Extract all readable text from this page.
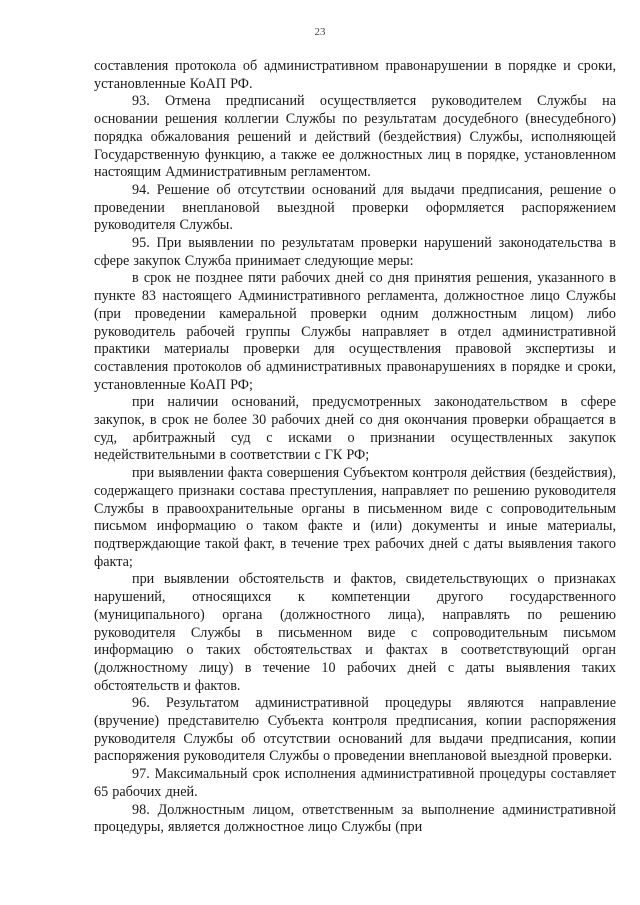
23

составления протокола об административном правонарушении в порядке и сроки, установленные КоАП РФ.

93. Отмена предписаний осуществляется руководителем Службы на основании решения коллегии Службы по результатам досудебного (внесудебного) порядка обжалования решений и действий (бездействия) Службы, исполняющей Государственную функцию, а также ее должностных лиц в порядке, установленном настоящим Административным регламентом.

94. Решение об отсутствии оснований для выдачи предписания, решение о проведении внеплановой выездной проверки оформляется распоряжением руководителя Службы.

95. При выявлении по результатам проверки нарушений законодательства в сфере закупок Служба принимает следующие меры:

в срок не позднее пяти рабочих дней со дня принятия решения, указанного в пункте 83 настоящего Административного регламента, должностное лицо Службы (при проведении камеральной проверки одним должностным лицом) либо руководитель рабочей группы Службы направляет в отдел административной практики материалы проверки для осуществления правовой экспертизы и составления протоколов об административных правонарушениях в порядке и сроки, установленные КоАП РФ;

при наличии оснований, предусмотренных законодательством в сфере закупок, в срок не более 30 рабочих дней со дня окончания проверки обращается в суд, арбитражный суд с исками о признании осуществленных закупок недействительными в соответствии с ГК РФ;

при выявлении факта совершения Субъектом контроля действия (бездействия), содержащего признаки состава преступления, направляет по решению руководителя Службы в правоохранительные органы в письменном виде с сопроводительным письмом информацию о таком факте и (или) документы и иные материалы, подтверждающие такой факт, в течение трех рабочих дней с даты выявления такого факта;

при выявлении обстоятельств и фактов, свидетельствующих о признаках нарушений, относящихся к компетенции другого государственного (муниципального) органа (должностного лица), направлять по решению руководителя Службы в письменном виде с сопроводительным письмом информацию о таких обстоятельствах и фактах в соответствующий орган (должностному лицу) в течение 10 рабочих дней с даты выявления таких обстоятельств и фактов.

96. Результатом административной процедуры являются направление (вручение) представителю Субъекта контроля предписания, копии распоряжения руководителя Службы об отсутствии оснований для выдачи предписания, копии распоряжения руководителя Службы о проведении внеплановой выездной проверки.

97. Максимальный срок исполнения административной процедуры составляет 65 рабочих дней.

98. Должностным лицом, ответственным за выполнение административной процедуры, является должностное лицо Службы (при
